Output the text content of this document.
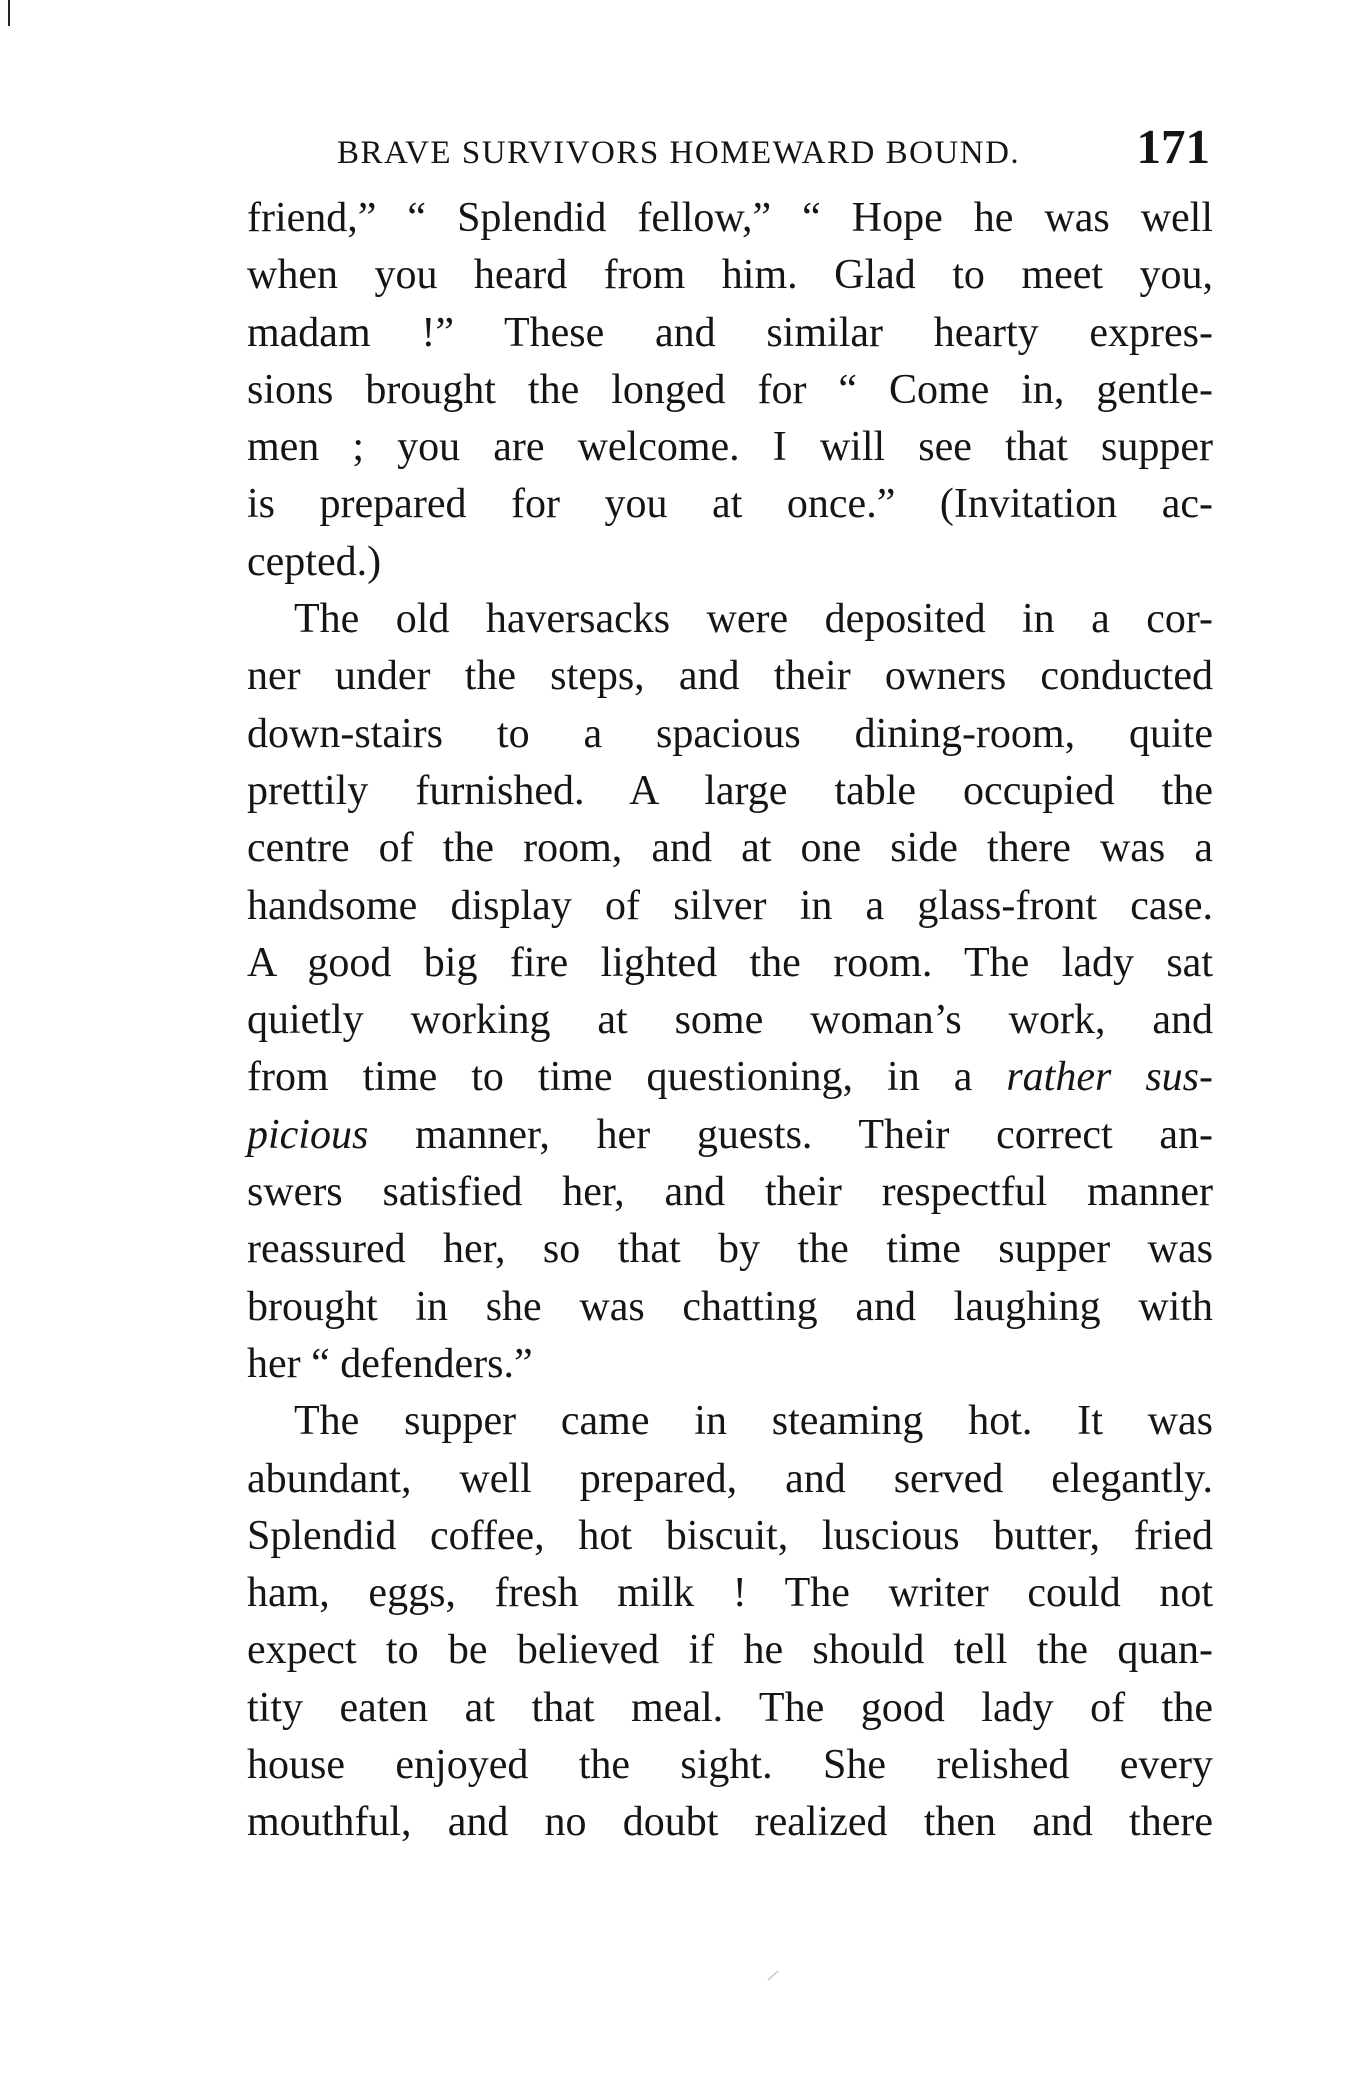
BRAVE SURVIVORS HOMEWARD BOUND. 171

friend,” “ Splendid fellow,” “ Hope he was well
when you heard from him. Glad to meet you,
madam !” These and similar hearty expres-
sions brought the longed for “ Come in, gentle-
men ; you are welcome. I will see that supper
is prepared for you at once.” (Invitation ac-
cepted.)

The old haversacks were deposited in a cor-
ner under the steps, and their owners conducted
down-stairs to a spacious dining-room, quite
prettily furnished. A large table occupied the
centre of the room, and at one side there was a
handsome display of silver in a glass-front case.
A good big fire lighted the room. The lady sat
quietly working at some woman’s work, and
from time to time questioning, in a rather sus-
picious manner, her guests. Their correct an-
swers satisfied her, and their respectful manner
reassured her, so that by the time supper was
brought in she was chatting and laughing with
her “ defenders.”

The supper came in steaming hot. It was
abundant, well prepared, and served elegantly.
Splendid coffee, hot biscuit, luscious butter, fried
ham, eggs, fresh milk ! The writer could not
expect to be believed if he should tell the quan-
tity eaten at that meal. The good lady of the
house enjoyed the sight. She relished every
mouthful, and no doubt realized then and there
